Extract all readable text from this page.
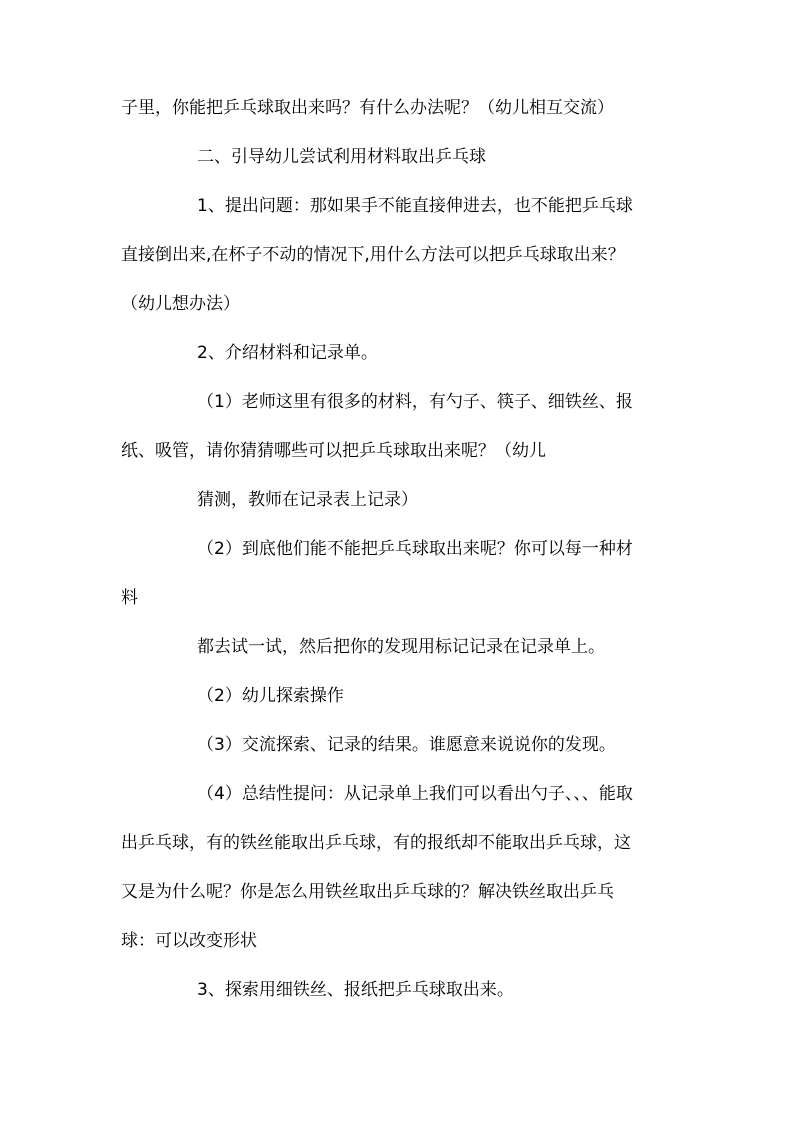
子里，你能把乒乓球取出来吗？有什么办法呢？（幼儿相互交流）
二、引导幼儿尝试利用材料取出乒乓球
1、提出问题：那如果手不能直接伸进去，也不能把乒乓球
直接倒出来,在杯子不动的情况下,用什么方法可以把乒乓球取出来？
（幼儿想办法）
2、介绍材料和记录单。
（1）老师这里有很多的材料，有勺子、筷子、细铁丝、报
纸、吸管，请你猜猜哪些可以把乒乓球取出来呢？（幼儿
猜测，教师在记录表上记录）
（2）到底他们能不能把乒乓球取出来呢？你可以每一种材
料
都去试一试，然后把你的发现用标记记录在记录单上。
（2）幼儿探索操作
（3）交流探索、记录的结果。谁愿意来说说你的发现。
（4）总结性提问：从记录单上我们可以看出勺子、、、能取
出乒乓球，有的铁丝能取出乒乓球，有的报纸却不能取出乒乓球，这
又是为什么呢？你是怎么用铁丝取出乒乓球的？解决铁丝取出乒乓
球：可以改变形状
3、探索用细铁丝、报纸把乒乓球取出来。
